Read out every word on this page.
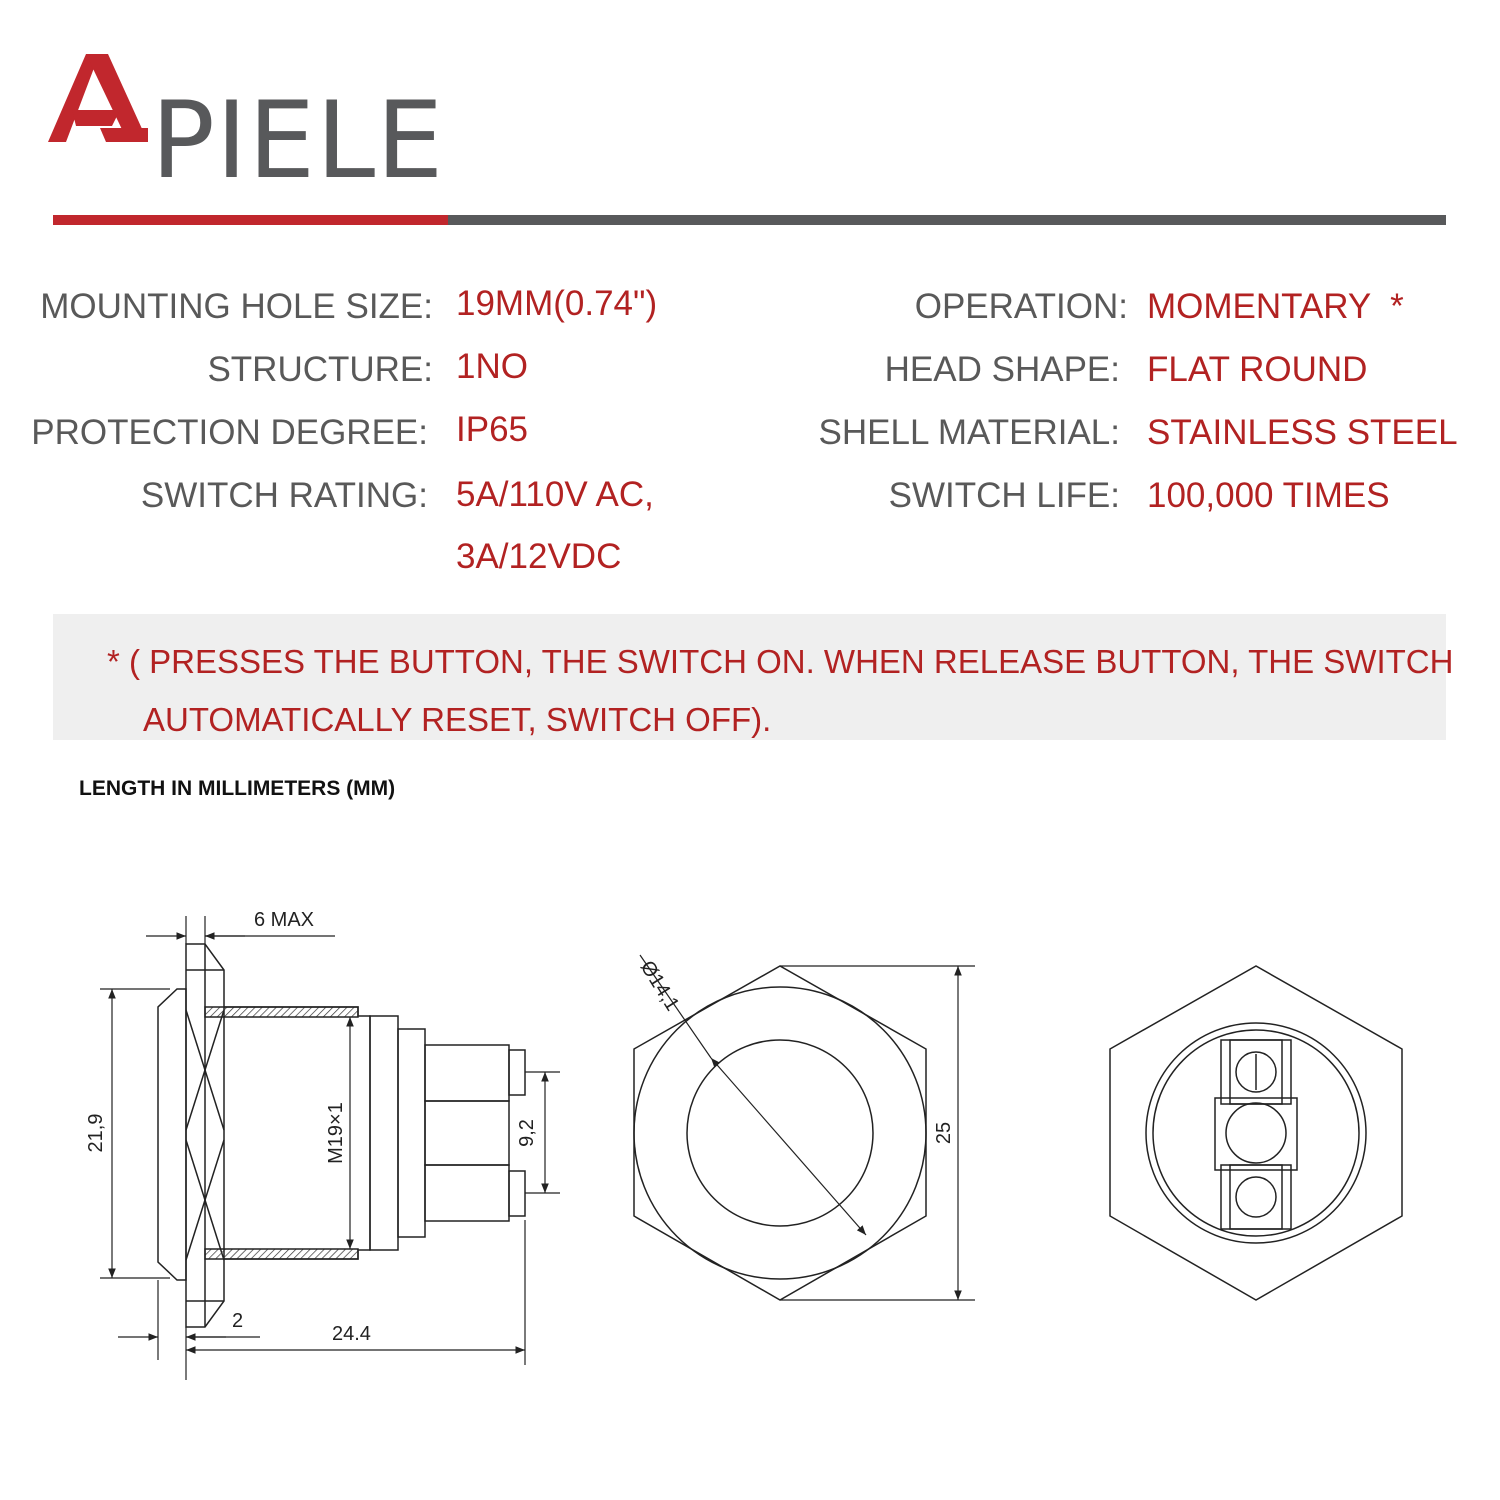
PIELE
MOUNTING HOLE SIZE: 19MM(0.74")
STRUCTURE: 1NO
PROTECTION DEGREE: IP65
SWITCH RATING: 5A/110V AC,
3A/12VDC
OPERATION: MOMENTARY  *
HEAD SHAPE: FLAT ROUND
SHELL MATERIAL: STAINLESS STEEL
SWITCH LIFE: 100,000 TIMES
* ( PRESSES THE BUTTON, THE SWITCH ON. WHEN RELEASE BUTTON, THE SWITCH
AUTOMATICALLY RESET, SWITCH OFF).
LENGTH IN MILLIMETERS (MM)
6 MAX
21,9	M19×1	9,2
2
24.4
Ø14,1
25
